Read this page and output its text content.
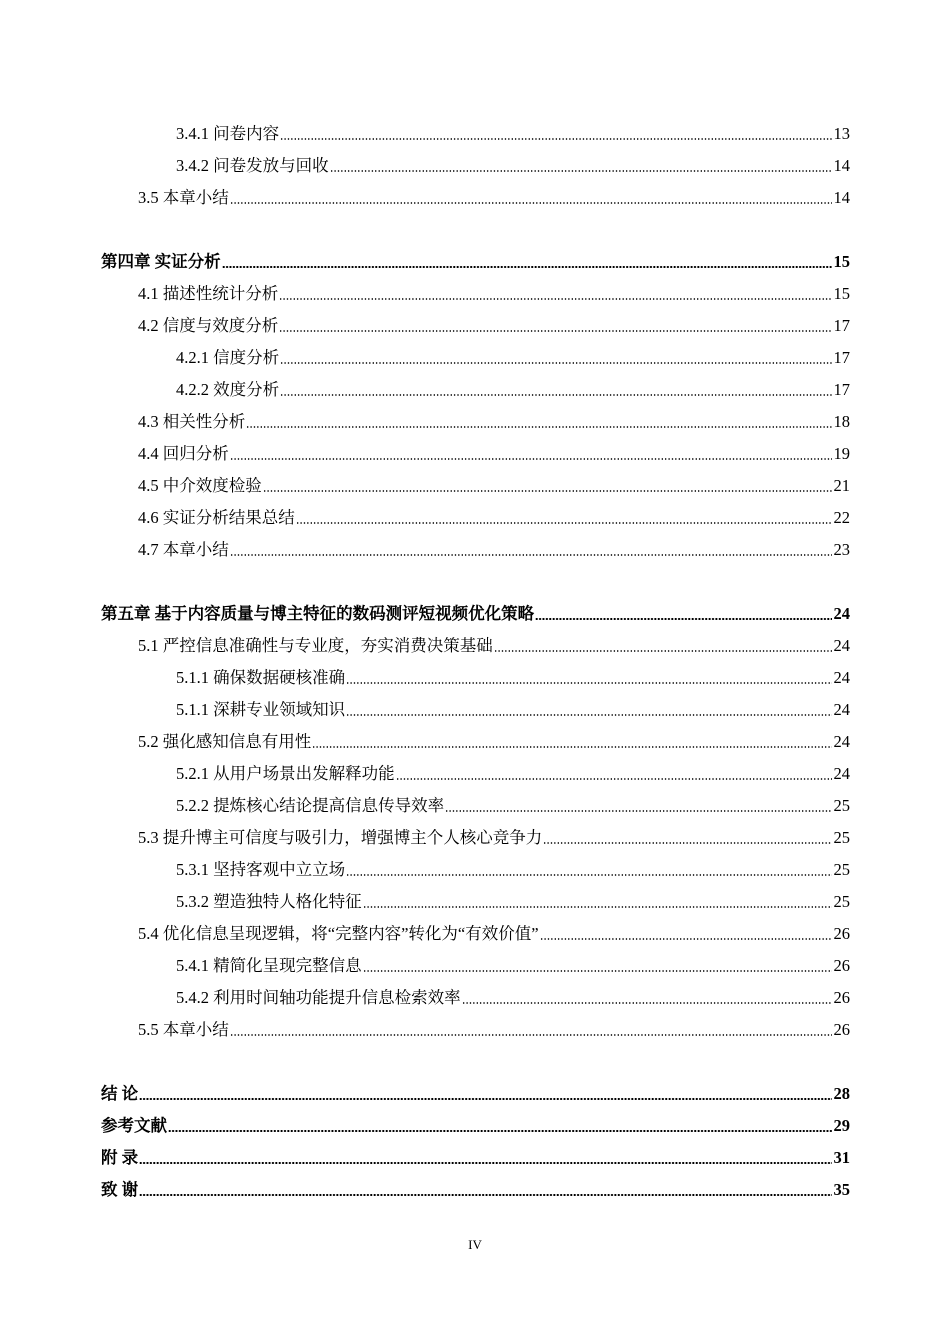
3.4.1 问卷内容	13
3.4.2 问卷发放与回收	14
3.5 本章小结	14
第四章 实证分析	15
4.1 描述性统计分析	15
4.2 信度与效度分析	17
4.2.1 信度分析	17
4.2.2 效度分析	17
4.3 相关性分析	18
4.4 回归分析	19
4.5 中介效度检验	21
4.6 实证分析结果总结	22
4.7 本章小结	23
第五章 基于内容质量与博主特征的数码测评短视频优化策略	24
5.1 严控信息准确性与专业度，夯实消费决策基础	24
5.1.1 确保数据硬核准确	24
5.1.1 深耕专业领域知识	24
5.2 强化感知信息有用性	24
5.2.1 从用户场景出发解释功能	24
5.2.2 提炼核心结论提高信息传导效率	25
5.3 提升博主可信度与吸引力，增强博主个人核心竞争力	25
5.3.1 坚持客观中立立场	25
5.3.2 塑造独特人格化特征	25
5.4 优化信息呈现逻辑，将“完整内容”转化为“有效价值”	26
5.4.1 精简化呈现完整信息	26
5.4.2 利用时间轴功能提升信息检索效率	26
5.5 本章小结	26
结 论	28
参考文献	29
附 录	31
致 谢	35
IV
